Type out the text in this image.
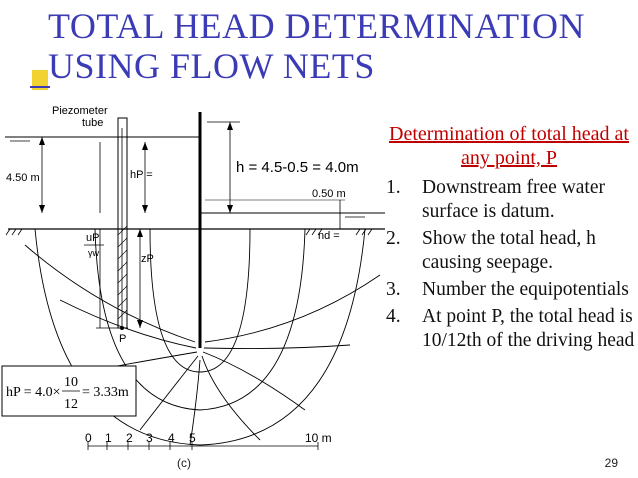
TOTAL HEAD DETERMINATION
USING FLOW NETS
Piezometer
tube
4.50 m	hP =	h = 4.5-0.5 = 4.0m
0.50 m
nd =
uP
γw	zP
P
0 1 2 3 4 5	10 m
hP = 4.0×
10
12
= 3.33m
Determination of total head at any point, P
1. Downstream free water surface is datum.
2. Show the total head, h causing seepage.
3. Number the equipotentials
4. At point P, the total head is 10/12th of the driving head
(c)	29
